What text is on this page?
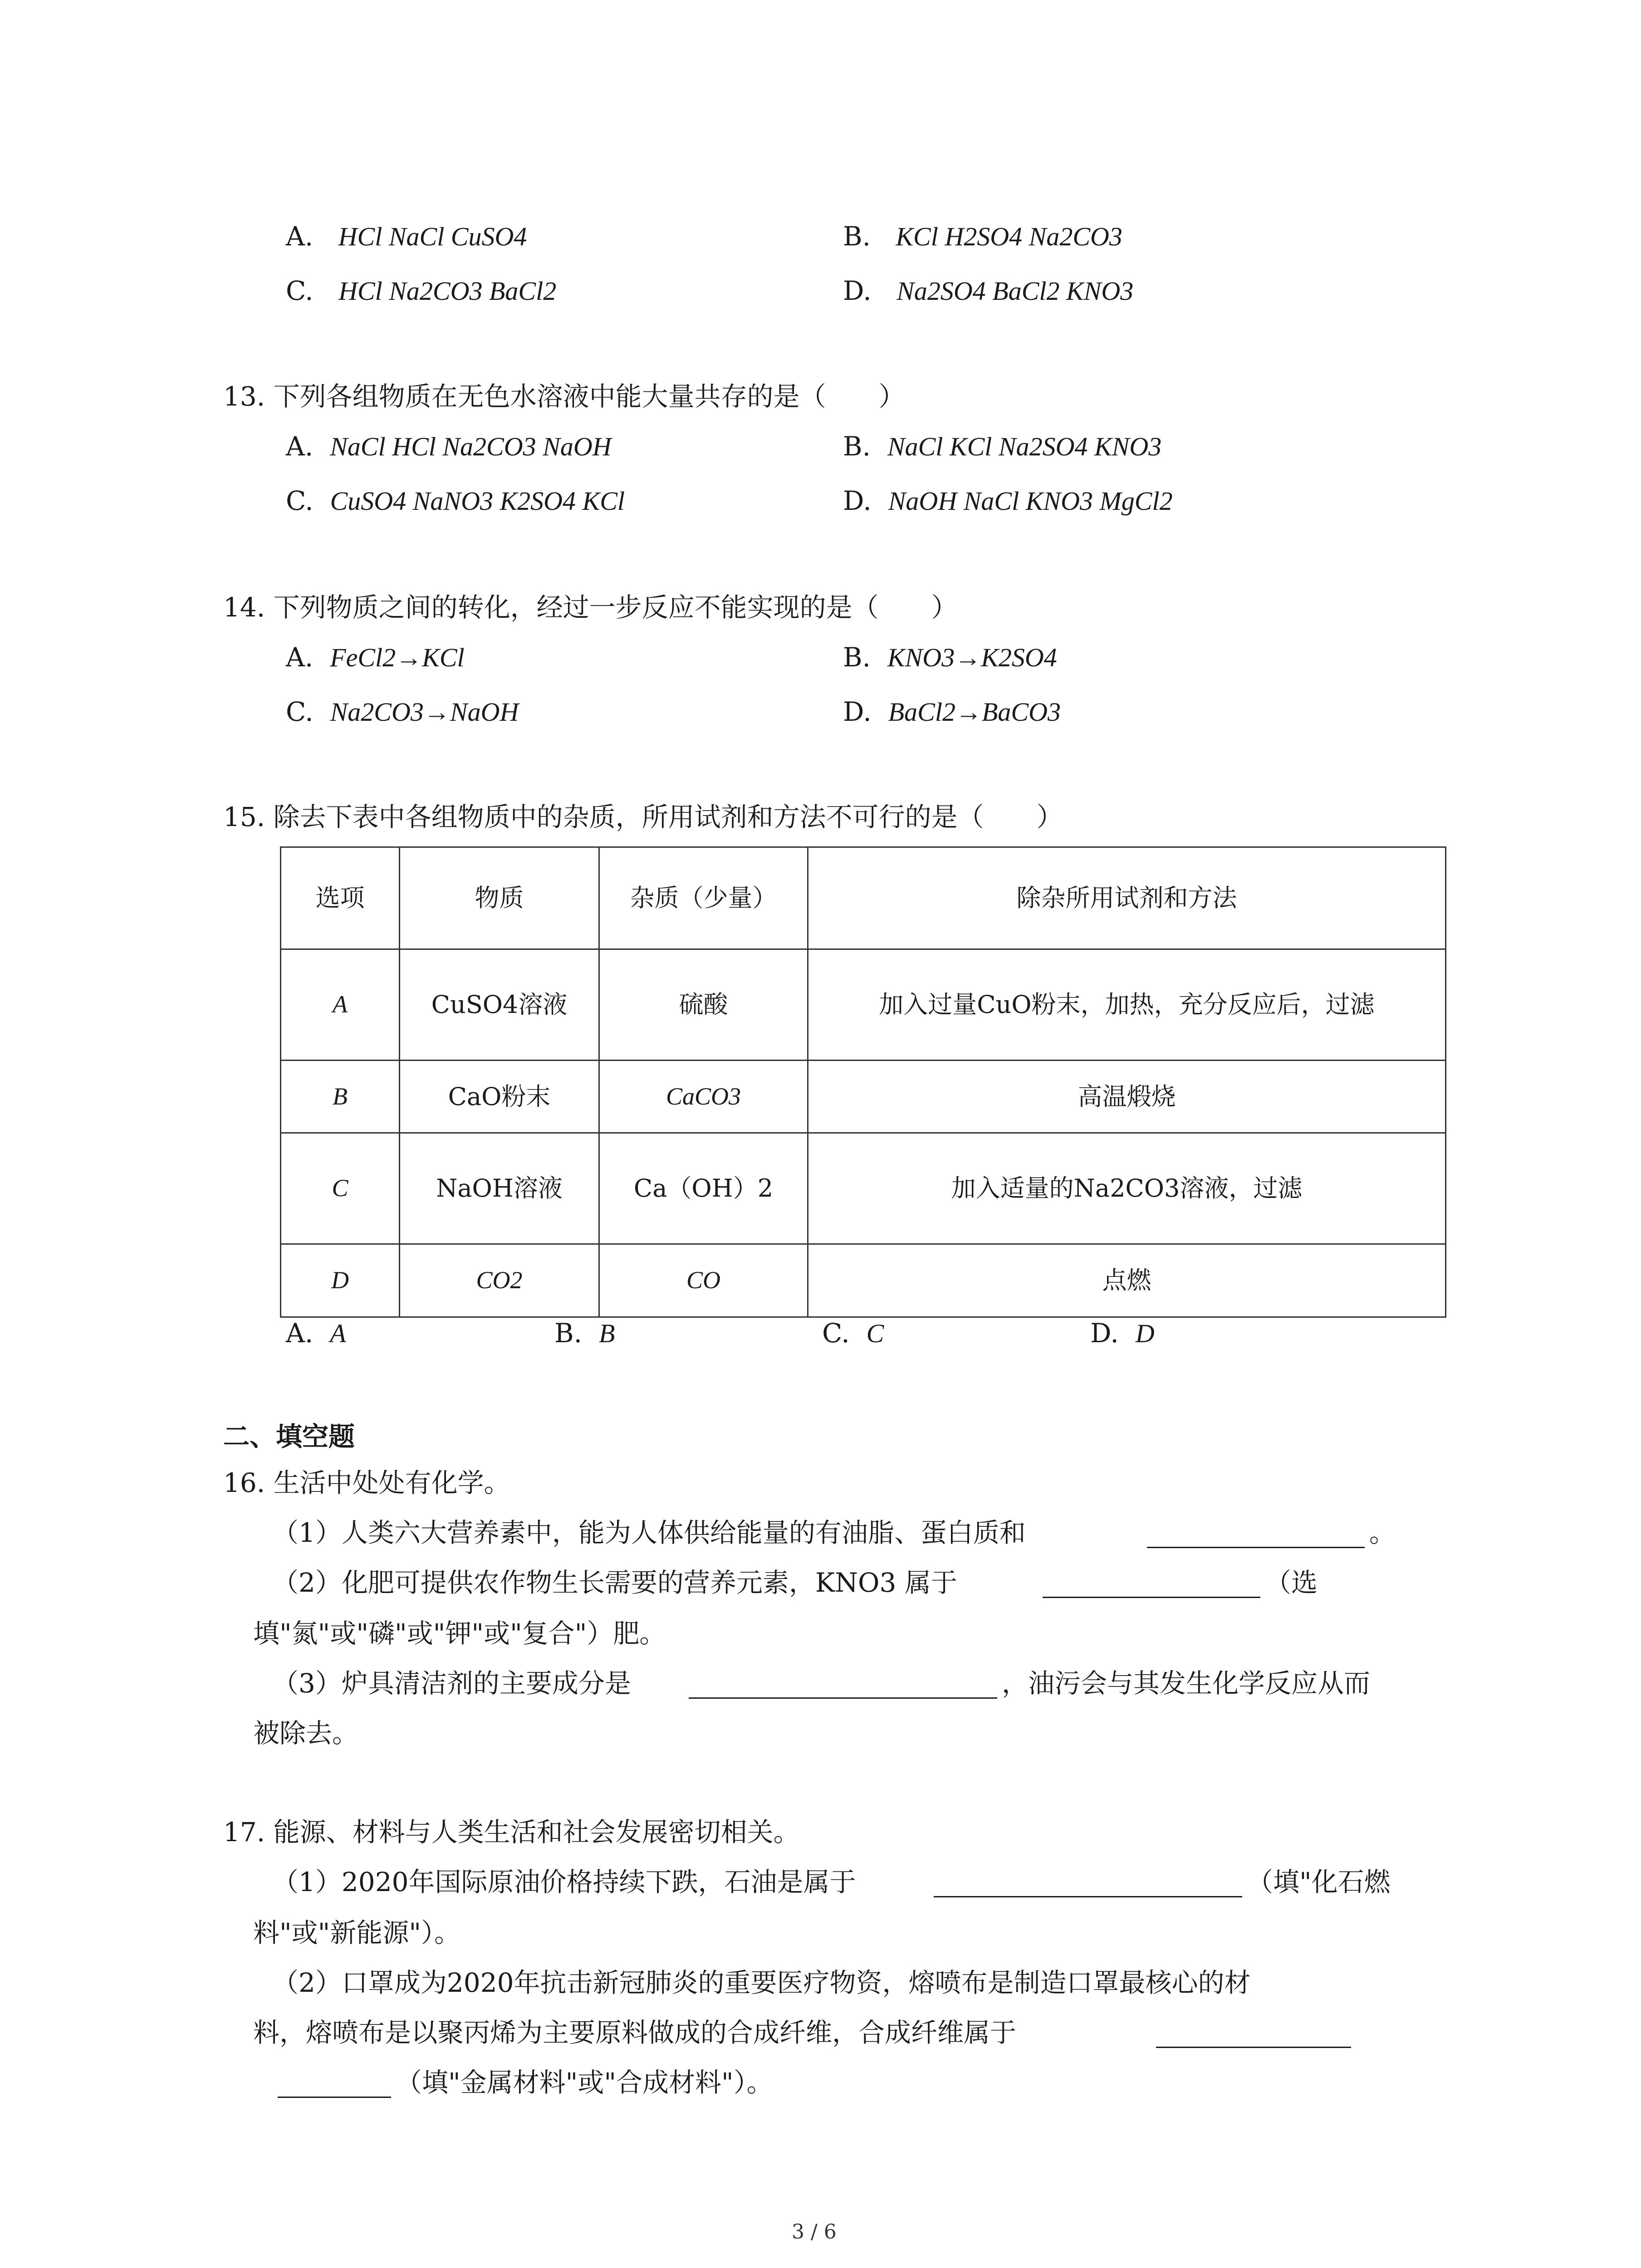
A. HCl NaCl CuSO4	B. KCl H2SO4 Na2CO3
C. HCl Na2CO3 BaCl2	D. Na2SO4 BaCl2 KNO3
13. 下列各组物质在无色水溶液中能大量共存的是（　　）
A. NaCl HCl Na2CO3 NaOH	B. NaCl KCl Na2SO4 KNO3
C. CuSO4 NaNO3 K2SO4 KCl	D. NaOH NaCl KNO3 MgCl2
14. 下列物质之间的转化，经过一步反应不能实现的是（　　）
A. FeCl2→KCl	B. KNO3→K2SO4
C. Na2CO3→NaOH	D. BaCl2→BaCO3
15. 除去下表中各组物质中的杂质，所用试剂和方法不可行的是（　　）
选项	物质	杂质（少量）	除杂所用试剂和方法
A	CuSO4溶液	硫酸	加入过量CuO粉末，加热，充分反应后，过滤
B	CaO粉末	CaCO3	高温煅烧
C	NaOH溶液	Ca（OH）2	加入适量的Na2CO3溶液，过滤
D	CO2	CO	点燃
A. A	B. B	C. C	D. D
二、填空题
16. 生活中处处有化学。
（1）人类六大营养素中，能为人体供给能量的有油脂、蛋白质和	。
（2）化肥可提供农作物生长需要的营养元素，KNO3 属于	（选
填"氮"或"磷"或"钾"或"复合"）肥。
（3）炉具清洁剂的主要成分是	，油污会与其发生化学反应从而
被除去。
17. 能源、材料与人类生活和社会发展密切相关。
（1）2020年国际原油价格持续下跌，石油是属于	（填"化石燃
料"或"新能源"）。
（2）口罩成为2020年抗击新冠肺炎的重要医疗物资，熔喷布是制造口罩最核心的材
料，熔喷布是以聚丙烯为主要原料做成的合成纤维，合成纤维属于
（填"金属材料"或"合成材料"）。
3 / 6
